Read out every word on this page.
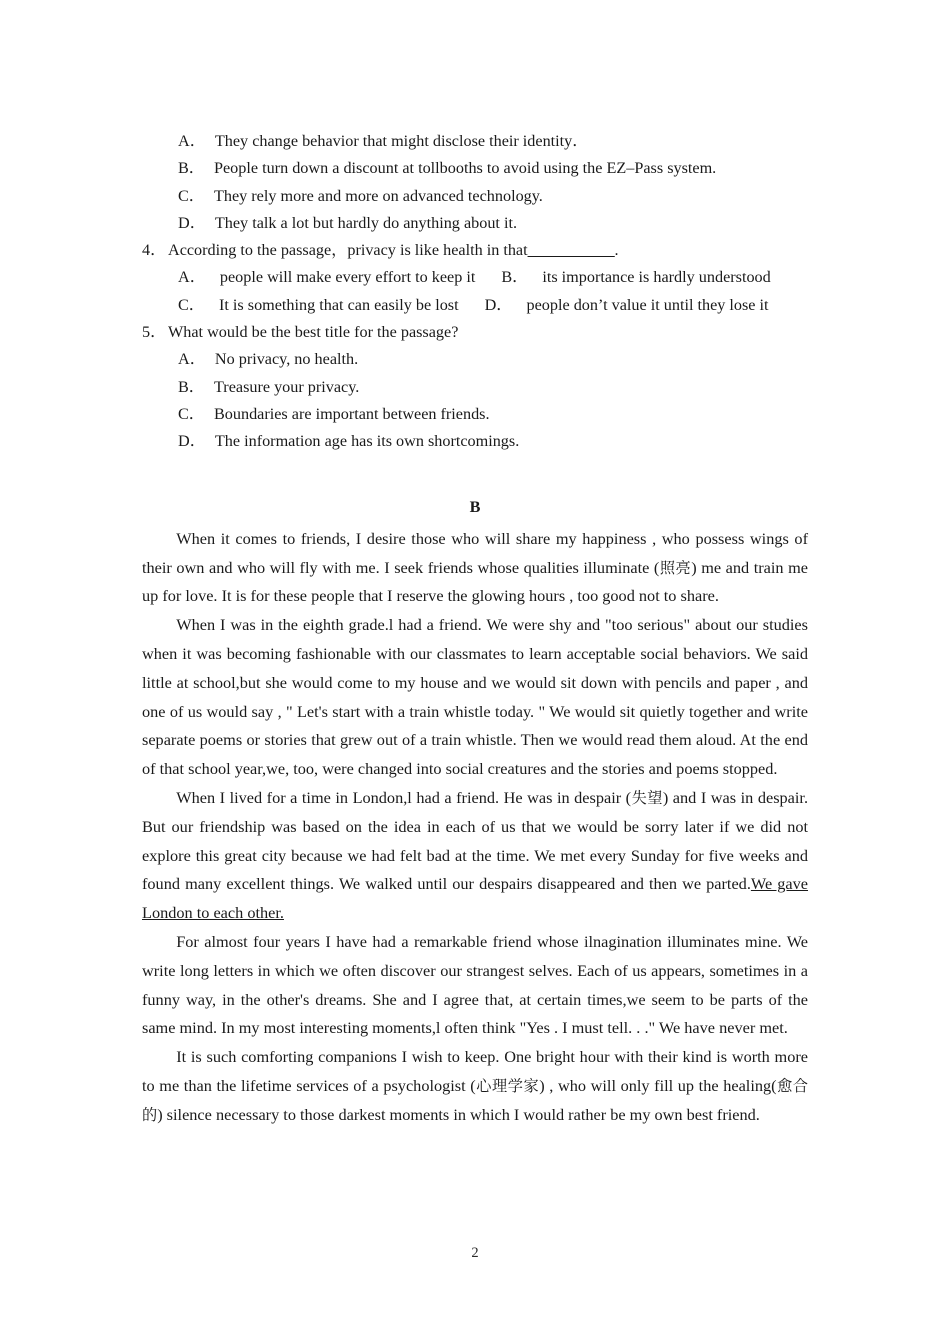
A． They change behavior that might disclose their identity．
B． People turn down a discount at tollbooths to avoid using the EZ–Pass system.
C． They rely more and more on advanced technology.
D． They talk a lot but hardly do anything about it.
4． According to the passage，privacy is like health in that___________.
A． people will make every effort to keep it B． its importance is hardly understood
C． It is something that can easily be lost D． people don’t value it until they lose it
5． What would be the best title for the passage?
A． No privacy, no health.
B． Treasure your privacy.
C． Boundaries are important between friends.
D． The information age has its own shortcomings.
B

When it comes to friends, I desire those who will share my happiness , who possess wings of their own and who will fly with me. I seek friends whose qualities illuminate (照亮) me and train me up for love. It is for these people that I reserve the glowing hours , too good not to share.

When I was in the eighth grade.l had a friend. We were shy and "too serious" about our studies when it was becoming fashionable with our classmates to learn acceptable social behaviors. We said little at school,but she would come to my house and we would sit down with pencils and paper , and one of us would say , " Let's start with a train whistle today. " We would sit quietly together and write separate poems or stories that grew out of a train whistle. Then we would read them aloud. At the end of that school year,we, too, were changed into social creatures and the stories and poems stopped.

When I lived for a time in London,l had a friend. He was in despair (失望) and I was in despair. But our friendship was based on the idea in each of us that we would be sorry later if we did not explore this great city because we had felt bad at the time. We met every Sunday for five weeks and found many excellent things. We walked until our despairs disappeared and then we parted.We gave London to each other.

For almost four years I have had a remarkable friend whose ilnagination illuminates mine. We write long letters in which we often discover our strangest selves. Each of us appears, sometimes in a funny way, in the other's dreams. She and I agree that, at certain times,we seem to be parts of the same mind. In my most interesting moments,l often think "Yes . I must tell. . ." We have never met.

It is such comforting companions I wish to keep. One bright hour with their kind is worth more to me than the lifetime services of a psychologist (心理学家) , who will only fill up the healing(愈合的) silence necessary to those darkest moments in which I would rather be my own best friend.

2
